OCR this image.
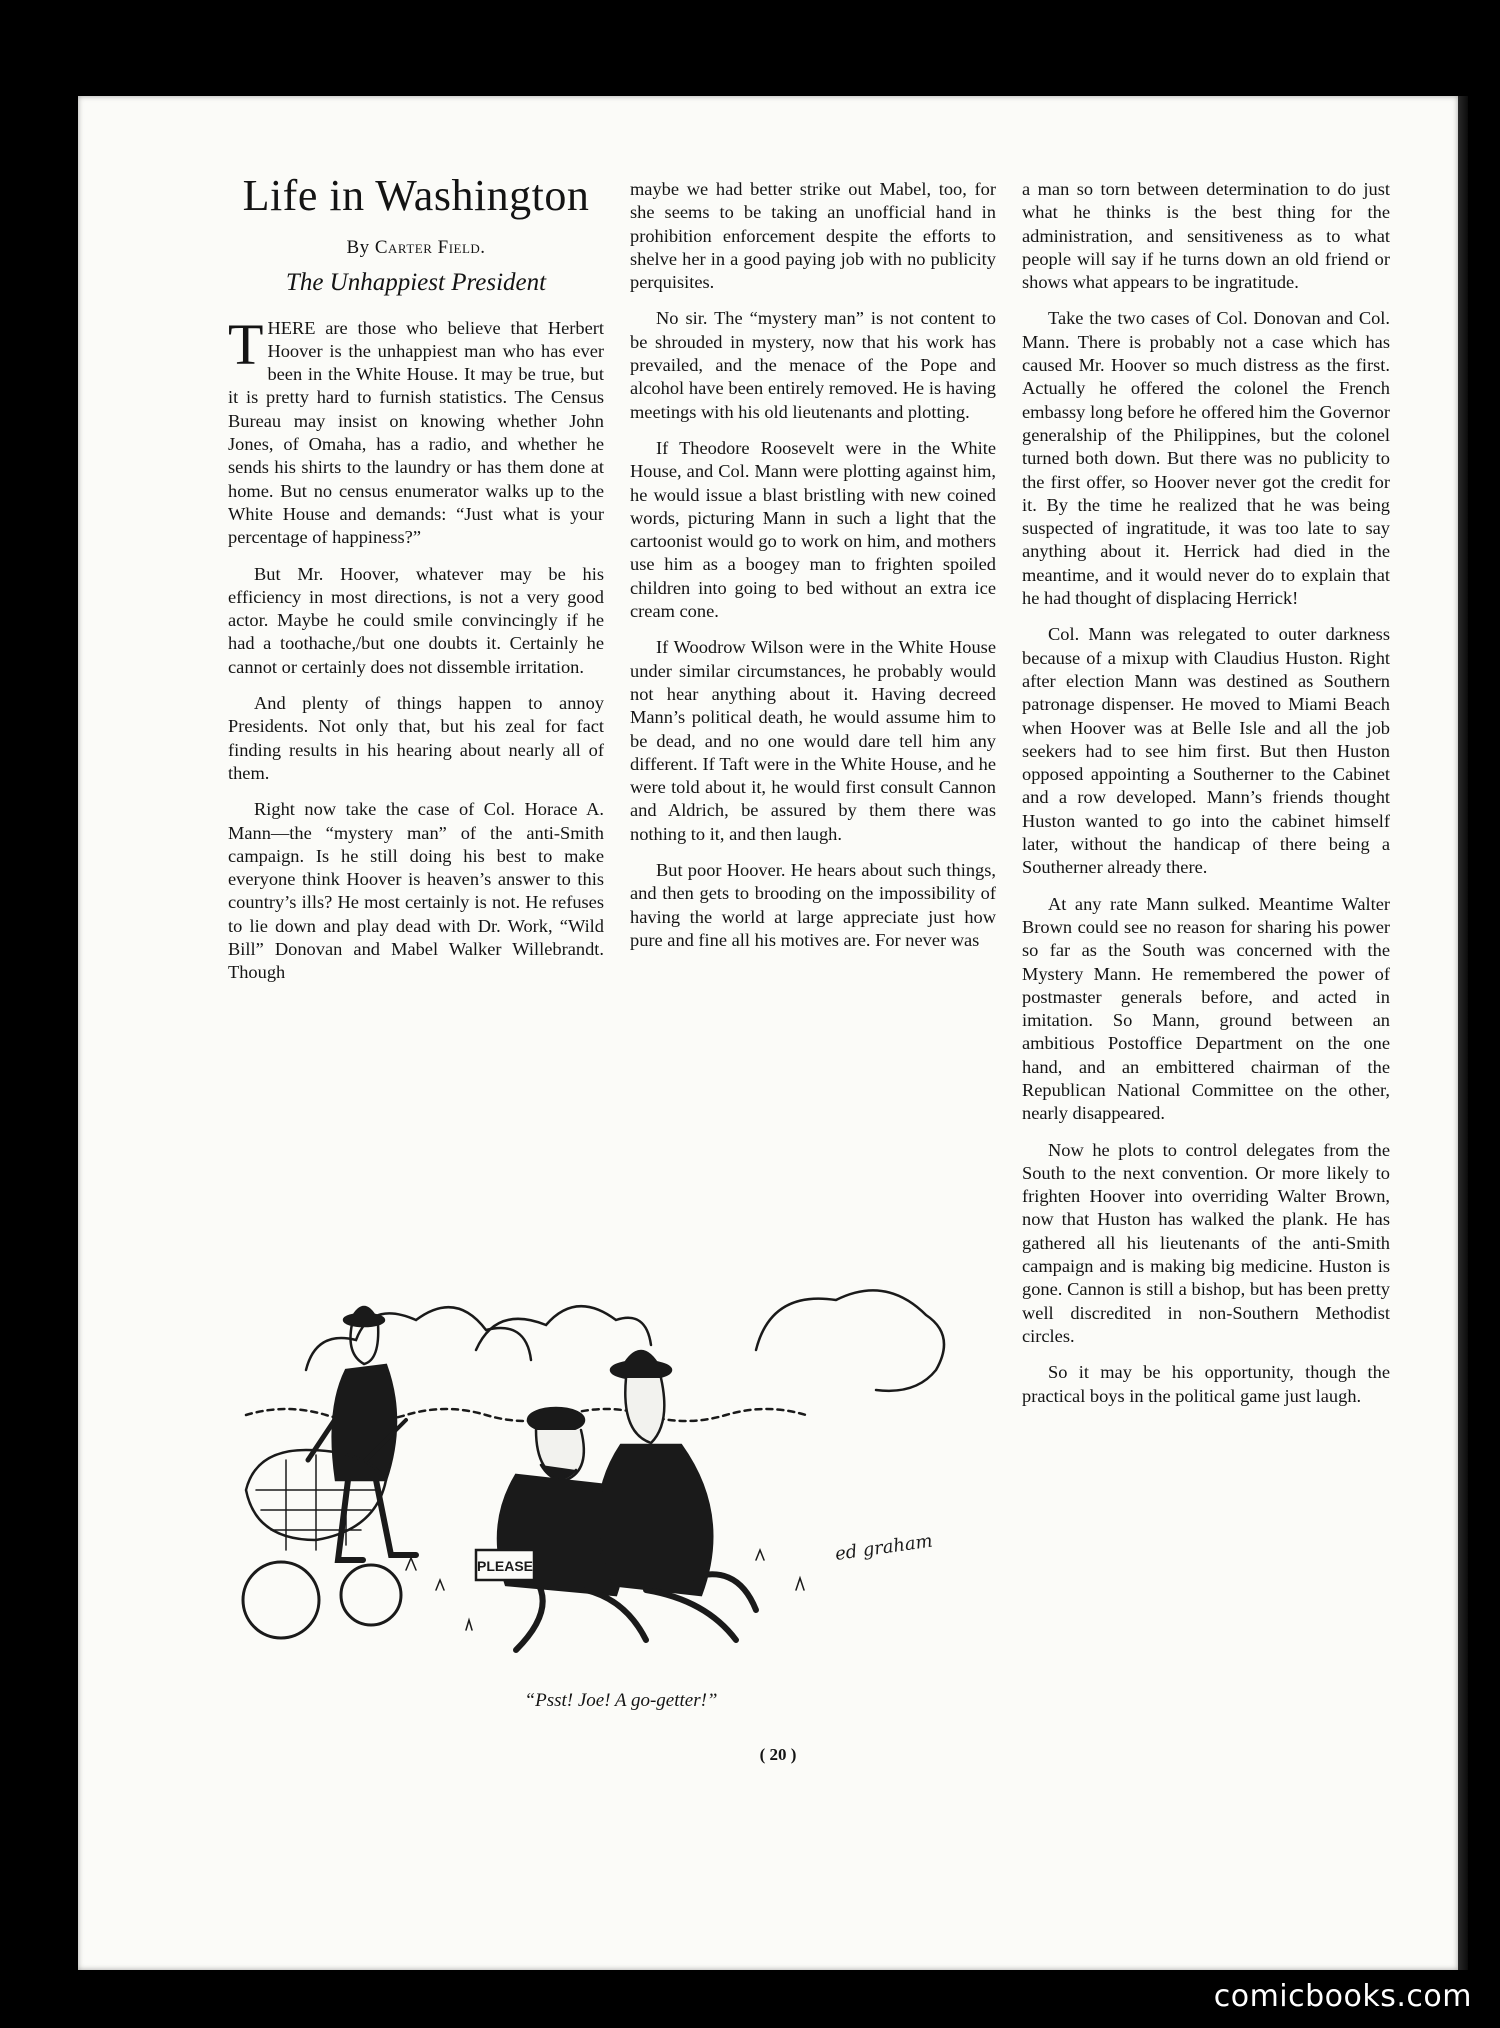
Life in Washington
By Carter Field.
The Unhappiest President

THERE are those who believe that Herbert Hoover is the unhappiest man who has ever been in the White House. It may be true, but it is pretty hard to furnish statistics. The Census Bureau may insist on knowing whether John Jones, of Omaha, has a radio, and whether he sends his shirts to the laundry or has them done at home. But no census enumerator walks up to the White House and demands: “Just what is your percentage of happiness?”

But Mr. Hoover, whatever may be his efficiency in most directions, is not a very good actor. Maybe he could smile convincingly if he had a toothache,/but one doubts it. Certainly he cannot or certainly does not dissemble irritation.

And plenty of things happen to annoy Presidents. Not only that, but his zeal for fact finding results in his hearing about nearly all of them.

Right now take the case of Col. Horace A. Mann—the “mystery man” of the anti-Smith campaign. Is he still doing his best to make everyone think Hoover is heaven’s answer to this country’s ills? He most certainly is not. He refuses to lie down and play dead with Dr. Work, “Wild Bill” Donovan and Mabel Walker Willebrandt. Though

maybe we had better strike out Mabel, too, for she seems to be taking an unofficial hand in prohibition enforcement despite the efforts to shelve her in a good paying job with no publicity perquisites.

No sir. The “mystery man” is not content to be shrouded in mystery, now that his work has prevailed, and the menace of the Pope and alcohol have been entirely removed. He is having meetings with his old lieutenants and plotting.

If Theodore Roosevelt were in the White House, and Col. Mann were plotting against him, he would issue a blast bristling with new coined words, picturing Mann in such a light that the cartoonist would go to work on him, and mothers use him as a boogey man to frighten spoiled children into going to bed without an extra ice cream cone.

If Woodrow Wilson were in the White House under similar circumstances, he probably would not hear anything about it. Having decreed Mann’s political death, he would assume him to be dead, and no one would dare tell him any different. If Taft were in the White House, and he were told about it, he would first consult Cannon and Aldrich, be assured by them there was nothing to it, and then laugh.

But poor Hoover. He hears about such things, and then gets to brooding on the impossibility of having the world at large appreciate just how pure and fine all his motives are. For never was

a man so torn between determination to do just what he thinks is the best thing for the administration, and sensitiveness as to what people will say if he turns down an old friend or shows what appears to be ingratitude.

Take the two cases of Col. Donovan and Col. Mann. There is probably not a case which has caused Mr. Hoover so much distress as the first. Actually he offered the colonel the French embassy long before he offered him the Governor generalship of the Philippines, but the colonel turned both down. But there was no publicity to the first offer, so Hoover never got the credit for it. By the time he realized that he was being suspected of ingratitude, it was too late to say anything about it. Herrick had died in the meantime, and it would never do to explain that he had thought of displacing Herrick!

Col. Mann was relegated to outer darkness because of a mixup with Claudius Huston. Right after election Mann was destined as Southern patronage dispenser. He moved to Miami Beach when Hoover was at Belle Isle and all the job seekers had to see him first. But then Huston opposed appointing a Southerner to the Cabinet and a row developed. Mann’s friends thought Huston wanted to go into the cabinet himself later, without the handicap of there being a Southerner already there.

At any rate Mann sulked. Meantime Walter Brown could see no reason for sharing his power so far as the South was concerned with the Mystery Mann. He remembered the power of postmaster generals before, and acted in imitation. So Mann, ground between an ambitious Postoffice Department on the one hand, and an embittered chairman of the Republican National Committee on the other, nearly disappeared.

Now he plots to control delegates from the South to the next convention. Or more likely to frighten Hoover into overriding Walter Brown, now that Huston has walked the plank. He has gathered all his lieutenants of the anti-Smith campaign and is making big medicine. Huston is gone. Cannon is still a bishop, but has been pretty well discredited in non-Southern Methodist circles.

So it may be his opportunity, though the practical boys in the political game just laugh.

PLEASE
ed graham
“Psst! Joe! A go-getter!”
( 20 )
comicbooks.com
